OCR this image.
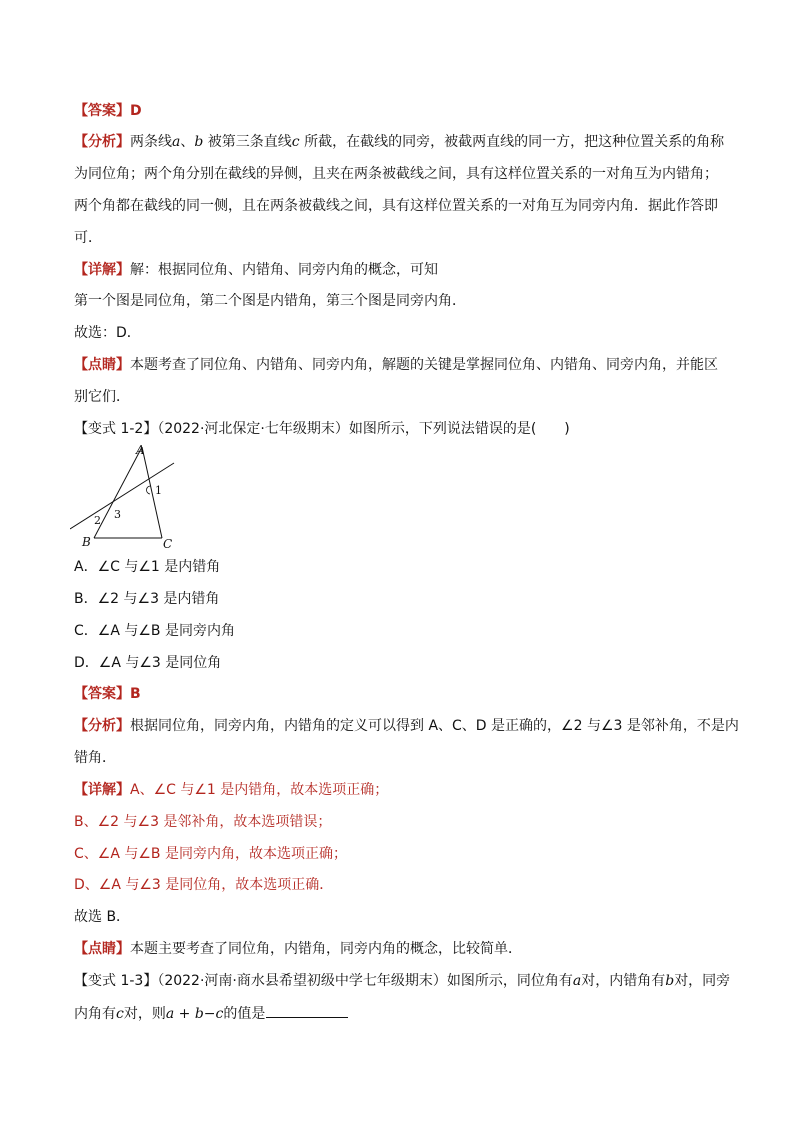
【答案】D
【分析】两条线a、b 被第三条直线c 所截，在截线的同旁，被截两直线的同一方，把这种位置关系的角称
为同位角；两个角分别在截线的异侧，且夹在两条被截线之间，具有这样位置关系的一对角互为内错角；
两个角都在截线的同一侧，且在两条被截线之间，具有这样位置关系的一对角互为同旁内角．据此作答即
可．
【详解】解：根据同位角、内错角、同旁内角的概念，可知
第一个图是同位角，第二个图是内错角，第三个图是同旁内角．
故选：D．
【点睛】本题考查了同位角、内错角、同旁内角，解题的关键是掌握同位角、内错角、同旁内角，并能区
别它们．
【变式 1-2】（2022·河北保定·七年级期末）如图所示，下列说法错误的是(　　)
A
B	C
1
2 3
A．∠C 与∠1 是内错角
B．∠2 与∠3 是内错角
C．∠A 与∠B 是同旁内角
D．∠A 与∠3 是同位角
【答案】B
【分析】根据同位角，同旁内角，内错角的定义可以得到 A、C、D 是正确的，∠2 与∠3 是邻补角，不是内
错角．
【详解】A、∠C 与∠1 是内错角，故本选项正确；
B、∠2 与∠3 是邻补角，故本选项错误；
C、∠A 与∠B 是同旁内角，故本选项正确；
D、∠A 与∠3 是同位角，故本选项正确．
故选 B．
【点睛】本题主要考查了同位角，内错角，同旁内角的概念，比较简单．
【变式 1-3】（2022·河南·商水县希望初级中学七年级期末）如图所示，同位角有a对，内错角有b对，同旁
内角有c对，则a + b−c的值是
